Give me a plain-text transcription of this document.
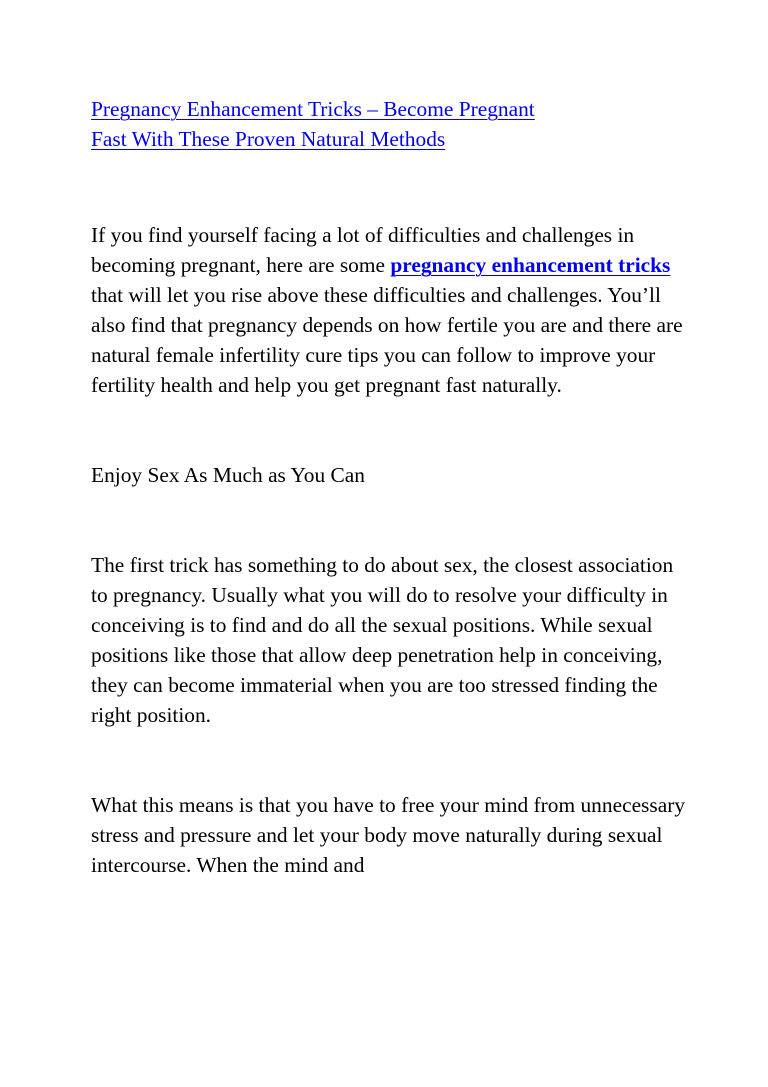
Pregnancy Enhancement Tricks – Become Pregnant
Fast With These Proven Natural Methods

If you find yourself facing a lot of difficulties and challenges in becoming pregnant, here are some pregnancy enhancement tricks that will let you rise above these difficulties and challenges. You’ll also find that pregnancy depends on how fertile you are and there are natural female infertility cure tips you can follow to improve your fertility health and help you get pregnant fast naturally.

Enjoy Sex As Much as You Can

The first trick has something to do about sex, the closest association to pregnancy. Usually what you will do to resolve your difficulty in conceiving is to find and do all the sexual positions. While sexual positions like those that allow deep penetration help in conceiving, they can become immaterial when you are too stressed finding the right position.

What this means is that you have to free your mind from unnecessary stress and pressure and let your body move naturally during sexual intercourse. When the mind and
